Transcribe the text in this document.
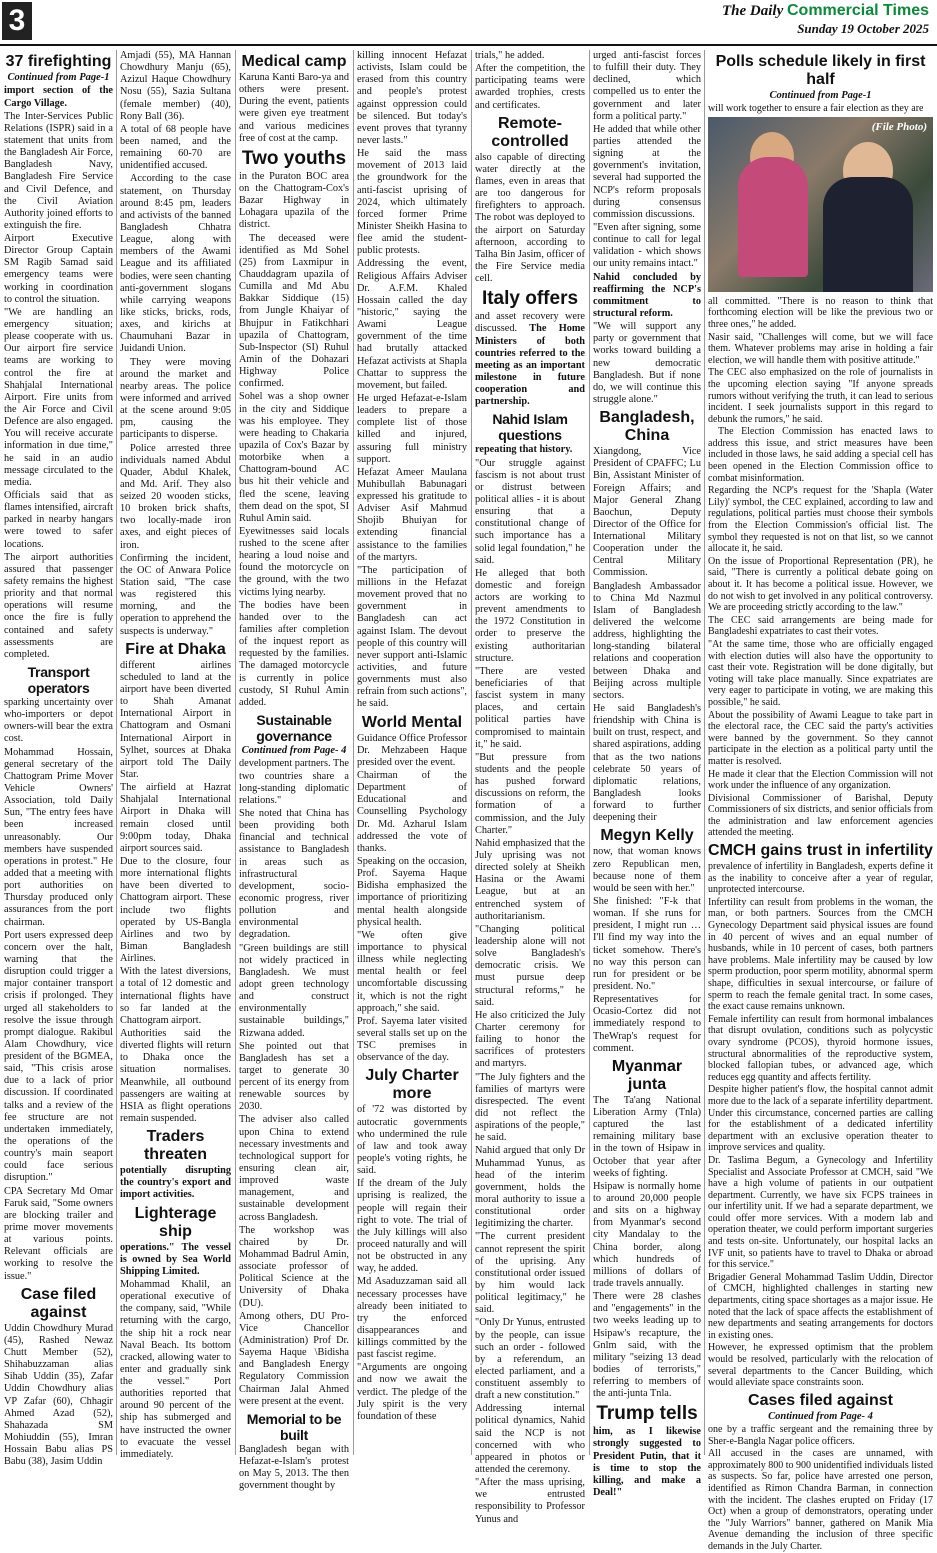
3	The Daily Commercial Times
Sunday 19 October 2025
37 firefighting
Continued from Page-1

import section of the Cargo Village.

The Inter-Services Public Relations (ISPR) said in a statement that units from the Bangladesh Air Force, Bangladesh Navy, Bangladesh Fire Service and Civil Defence, and the Civil Aviation Authority joined efforts to extinguish the fire.

Airport Executive Director Group Captain SM Ragib Samad said emergency teams were working in coordination to control the situation.

"We are handling an emergency situation; please cooperate with us. Our airport fire service teams are working to control the fire at Shahjalal International Airport. Fire units from the Air Force and Civil Defence are also engaged. You will receive accurate information in due time," he said in an audio message circulated to the media.

Officials said that as flames intensified, aircraft parked in nearby hangars were towed to safer locations.

The airport authorities assured that passenger safety remains the highest priority and that normal operations will resume once the fire is fully contained and safety assessments are completed.

Transport operators

sparking uncertainty over who-importers or depot owners-will bear the extra cost.

Mohammad Hossain, general secretary of the Chattogram Prime Mover Vehicle Owners' Association, told Daily Sun, "The entry fees have been increased unreasonably. Our members have suspended operations in protest." He added that a meeting with port authorities on Thursday produced only assurances from the port chairman.

Port users expressed deep concern over the halt, warning that the disruption could trigger a major container transport crisis if prolonged. They urged all stakeholders to resolve the issue through prompt dialogue. Rakibul Alam Chowdhury, vice president of the BGMEA, said, "This crisis arose due to a lack of prior discussion. If coordinated talks and a review of the fee structure are not undertaken immediately, the operations of the country's main seaport could face serious disruption."

CPA Secretary Md Omar Faruk said, "Some owners are blocking trailer and prime mover movements at various points. Relevant officials are working to resolve the issue."

Case filed against

Uddin Chowdhury Murad (45), Rashed Newaz Chutt Member (52), Shihabuzzaman alias Sihab Uddin (35), Zafar Uddin Chowdhury alias VP Zafar (60), Chhagir Ahmed Azad (52), Shahazada SM Mohiuddin (55), Imran Hossain Babu alias PS Babu (38), Jasim Uddin

Amjadi (55), MA Hannan Chowdhury Manju (65), Azizul Haque Chowdhury Nosu (55), Sazia Sultana (female member) (40), Rony Ball (36).

A total of 68 people have been named, and the remaining 60-70 are unidentified accused.

According to the case statement, on Thursday around 8:45 pm, leaders and activists of the banned Bangladesh Chhatra League, along with members of the Awami League and its affiliated bodies, were seen chanting anti-government slogans while carrying weapons like sticks, bricks, rods, axes, and kirichs at Chaumuhani Bazar in Juidandi Union.

They were moving around the market and nearby areas. The police were informed and arrived at the scene around 9:05 pm, causing the participants to disperse.

Police arrested three individuals named Abdul Quader, Abdul Khalek, and Md. Arif. They also seized 20 wooden sticks, 10 broken brick shafts, two locally-made iron axes, and eight pieces of iron.

Confirming the incident, the OC of Anwara Police Station said, "The case was registered this morning, and the operation to apprehend the suspects is underway."

Fire at Dhaka

different airlines scheduled to land at the airport have been diverted to Shah Amanat International Airport in Chattogram and Osmani International Airport in Sylhet, sources at Dhaka airport told The Daily Star.

The airfield at Hazrat Shahjalal International Airport in Dhaka will remain closed until 9:00pm today, Dhaka airport sources said.

Due to the closure, four more international flights have been diverted to Chattogram airport. These include two flights operated by US-Bangla Airlines and two by Biman Bangladesh Airlines.

With the latest diversions, a total of 12 domestic and international flights have so far landed at the Chattogram airport.

Authorities said the diverted flights will return to Dhaka once the situation normalises. Meanwhile, all outbound passengers are waiting at HSIA as flight operations remain suspended.

Traders threaten

potentially disrupting the country's export and import activities.

Lighterage ship

operations." The vessel is owned by Sea World Shipping Limited.

Mohammad Khalil, an operational executive of the company, said, "While returning with the cargo, the ship hit a rock near Naval Beach. Its bottom cracked, allowing water to enter and gradually sink the vessel." Port authorities reported that around 90 percent of the ship has submerged and have instructed the owner to evacuate the vessel immediately.

Medical camp

Karuna Kanti Baro-ya and others were present. During the event, patients were given eye treatment and various medicines free of cost at the camp.

Two youths

in the Puraton BOC area on the Chattogram-Cox's Bazar Highway in Lohagara upazila of the district.

The deceased were identified as Md Sohel (25) from Laxmipur in Chauddagram upazila of Cumilla and Md Abu Bakkar Siddique (15) from Jungle Khaiyar of Bhujpur in Fatikchhari upazila of Chattogram, Sub-Inspector (SI) Ruhul Amin of the Dohazari Highway Police confirmed.

Sohel was a shop owner in the city and Siddique was his employee. They were heading to Chakaria upazila of Cox's Bazar by motorbike when a Chattogram-bound AC bus hit their vehicle and fled the scene, leaving them dead on the spot, SI Ruhul Amin said.

Eyewitnesses said locals rushed to the scene after hearing a loud noise and found the motorcycle on the ground, with the two victims lying nearby.

The bodies have been handed over to the families after completion of the inquest report as requested by the families. The damaged motorcycle is currently in police custody, SI Ruhul Amin added.

Sustainable governance
Continued from Page- 4

development partners. The two countries share a long-standing diplomatic relations."

She noted that China has been providing both financial and technical assistance to Bangladesh in areas such as infrastructural development, socio-economic progress, river pollution and environmental degradation.

"Green buildings are still not widely practiced in Bangladesh. We must adopt green technology and construct environmentally sustainable buildings," Rizwana added.

She pointed out that Bangladesh has set a target to generate 30 percent of its energy from renewable sources by 2030.

The adviser also called upon China to extend necessary investments and technological support for ensuring clean air, improved waste management, and sustainable development across Bangladesh.

The workshop was chaired by Dr. Mohammad Badrul Amin, associate professor of Political Science at the University of Dhaka (DU).

Among others, DU Pro-Vice Chancellor (Administration) Prof Dr. Sayema Haque \Bidisha and Bangladesh Energy Regulatory Commission Chairman Jalal Ahmed were present at the event.

Memorial to be built

Bangladesh began with Hefazat-e-Islam's protest on May 5, 2013. The then government thought by

killing innocent Hefazat activists, Islam could be erased from this country and people's protest against oppression could be silenced. But today's event proves that tyranny never lasts."

He said the mass movement of 2013 laid the groundwork for the anti-fascist uprising of 2024, which ultimately forced former Prime Minister Sheikh Hasina to flee amid the student-public protests.

Addressing the event, Religious Affairs Adviser Dr. A.F.M. Khaled Hossain called the day "historic," saying the Awami League government of the time had brutally attacked Hefazat activists at Shapla Chattar to suppress the movement, but failed.

He urged Hefazat-e-Islam leaders to prepare a complete list of those killed and injured, assuring full ministry support.

Hefazat Ameer Maulana Muhibullah Babunagari expressed his gratitude to Adviser Asif Mahmud Shojib Bhuiyan for extending financial assistance to the families of the martyrs.

"The participation of millions in the Hefazat movement proved that no government in Bangladesh can act against Islam. The devout people of this country will never support anti-Islamic activities, and future governments must also refrain from such actions", he said.

World Mental

Guidance Office Professor Dr. Mehzabeen Haque presided over the event.

Chairman of the Department of Educational and Counselling Psychology Dr. Md. Azharul Islam addressed the vote of thanks.

Speaking on the occasion, Prof. Sayema Haque Bidisha emphasized the importance of prioritizing mental health alongside physical health.

"We often give importance to physical illness while neglecting mental health or feel uncomfortable discussing it, which is not the right approach," she said.

Prof. Sayema later visited several stalls set up on the TSC premises in observance of the day.

July Charter more

of '72 was distorted by autocratic governments who undermined the rule of law and took away people's voting rights, he said.

If the dream of the July uprising is realized, the people will regain their right to vote. The trial of the July killings will also proceed naturally and will not be obstructed in any way, he added.

Md Asaduzzaman said all necessary processes have already been initiated to try the enforced disappearances and killings committed by the past fascist regime.

"Arguments are ongoing and now we await the verdict. The pledge of the July spirit is the very foundation of these

trials," he added.

After the competition, the participating teams were awarded trophies, crests and certificates.

Remote-controlled

also capable of directing water directly at the flames, even in areas that are too dangerous for firefighters to approach. The robot was deployed to the airport on Saturday afternoon, according to Talha Bin Jasim, officer of the Fire Service media cell.

Italy offers

and asset recovery were discussed. The Home Ministers of both countries referred to the meeting as an important milestone in future cooperation and partnership.

Nahid Islam questions

repeating that history.

"Our struggle against fascism is not about trust or distrust between political allies - it is about ensuring that a constitutional change of such importance has a solid legal foundation," he said.

He alleged that both domestic and foreign actors are working to prevent amendments to the 1972 Constitution in order to preserve the existing authoritarian structure.

"There are vested beneficiaries of that fascist system in many places, and certain political parties have compromised to maintain it," he said.

"But pressure from students and the people has pushed forward discussions on reform, the formation of a commission, and the July Charter."

Nahid emphasized that the July uprising was not directed solely at Sheikh Hasina or the Awami League, but at an entrenched system of authoritarianism.

"Changing political leadership alone will not solve Bangladesh's democratic crisis. We must pursue deep structural reforms," he said.

He also criticized the July Charter ceremony for failing to honor the sacrifices of protesters and martyrs.

"The July fighters and the families of martyrs were disrespected. The event did not reflect the aspirations of the people," he said.

Nahid argued that only Dr Muhammad Yunus, as head of the interim government, holds the moral authority to issue a constitutional order legitimizing the charter.

"The current president cannot represent the spirit of the uprising. Any constitutional order issued by him would lack political legitimacy," he said.

"Only Dr Yunus, entrusted by the people, can issue such an order - followed by a referendum, an elected parliament, and a constituent assembly to draft a new constitution."

Addressing internal political dynamics, Nahid said the NCP is not concerned with who appeared in photos or attended the ceremony.

"After the mass uprising, we entrusted responsibility to Professor Yunus and

urged anti-fascist forces to fulfill their duty. They declined, which compelled us to enter the government and later form a political party."

He added that while other parties attended the signing at the government's invitation, several had supported the NCP's reform proposals during consensus commission discussions.

"Even after signing, some continue to call for legal validation - which shows our unity remains intact."

Nahid concluded by reaffirming the NCP's commitment to structural reform.

"We will support any party or government that works toward building a new democratic Bangladesh. But if none do, we will continue this struggle alone."

Bangladesh, China

Xiangdong, Vice President of CPAFFC; Lu Bin, Assistant Minister of Foreign Affairs; and Major General Zhang Baochun, Deputy Director of the Office for International Military Cooperation under the Central Military Commission.

Bangladesh Ambassador to China Md Nazmul Islam of Bangladesh delivered the welcome address, highlighting the long-standing bilateral relations and cooperation between Dhaka and Beijing across multiple sectors.

He said Bangladesh's friendship with China is built on trust, respect, and shared aspirations, adding that as the two nations celebrate 50 years of diplomatic relations, Bangladesh looks forward to further deepening their

Megyn Kelly

now, that woman knows zero Republican men, because none of them would be seen with her."

She finished: "F-k that woman. If she runs for president, I might run … I'll find my way into the ticket somehow. There's no way this person can run for president or be president. No."

Representatives for Ocasio-Cortez did not immediately respond to TheWrap's request for comment.

Myanmar junta

The Ta'ang National Liberation Army (Tnla) captured the last remaining military base in the town of Hsipaw in October that year after weeks of fighting.

Hsipaw is normally home to around 20,000 people and sits on a highway from Myanmar's second city Mandalay to the China border, along which hundreds of millions of dollars of trade travels annually.

There were 28 clashes and "engagements" in the two weeks leading up to Hsipaw's recapture, the Gnlm said, with the military "seizing 13 dead bodies of terrorists," referring to members of the anti-junta Tnla.

Trump tells

him, as I likewise strongly suggested to President Putin, that it is time to stop the killing, and make a Deal!"

Polls schedule likely in first half
Continued from Page-1

will work together to ensure a fair election as they are

(File Photo)

all committed. "There is no reason to think that forthcoming election will be like the previous two or three ones," he added.

Nasir said, "Challenges will come, but we will face them. Whatever problems may arise in holding a fair election, we will handle them with positive attitude."

The CEC also emphasized on the role of journalists in the upcoming election saying "If anyone spreads rumors without verifying the truth, it can lead to serious incident. I seek journalists support in this regard to debunk the rumors," he said.

The Election Commission has enacted laws to address this issue, and strict measures have been included in those laws, he said adding a special cell has been opened in the Election Commission office to combat misinformation.

Regarding the NCP's request for the 'Shapla (Water Lily)' symbol, the CEC explained, according to law and regulations, political parties must choose their symbols from the Election Commission's official list. The symbol they requested is not on that list, so we cannot allocate it, he said.

On the issue of Proportional Representation (PR), he said, "There is currently a political debate going on about it. It has become a political issue. However, we do not wish to get involved in any political controversy. We are proceeding strictly according to the law."

The CEC said arrangements are being made for Bangladeshi expatriates to cast their votes.

"At the same time, those who are officially engaged with election duties will also have the opportunity to cast their vote. Registration will be done digitally, but voting will take place manually. Since expatriates are very eager to participate in voting, we are making this possible," he said.

About the possibility of Awami League to take part in the electoral race, the CEC said the party's activities were banned by the government. So they cannot participate in the election as a political party until the matter is resolved.

He made it clear that the Election Commission will not work under the influence of any organization.

Divisional Commissioner of Barishal, Deputy Commissioners of six districts, and senior officials from the administration and law enforcement agencies attended the meeting.

CMCH gains trust in infertility

prevalence of infertility in Bangladesh, experts define it as the inability to conceive after a year of regular, unprotected intercourse.

Infertility can result from problems in the woman, the man, or both partners. Sources from the CMCH Gynecology Department said physical issues are found in 40 percent of wives and an equal number of husbands, while in 10 percent of cases, both partners have problems. Male infertility may be caused by low sperm production, poor sperm motility, abnormal sperm shape, difficulties in sexual intercourse, or failure of sperm to reach the female genital tract. In some cases, the exact cause remains unknown.

Female infertility can result from hormonal imbalances that disrupt ovulation, conditions such as polycystic ovary syndrome (PCOS), thyroid hormone issues, structural abnormalities of the reproductive system, blocked fallopian tubes, or advanced age, which reduces egg quantity and affects fertility.

Despite higher patient's flow, the hospital cannot admit more due to the lack of a separate infertility department. Under this circumstance, concerned parties are calling for the establishment of a dedicated infertility department with an exclusive operation theater to improve services and quality.

Dr. Taslima Begum, a Gynecology and Infertility Specialist and Associate Professor at CMCH, said "We have a high volume of patients in our outpatient department. Currently, we have six FCPS trainees in our infertility unit. If we had a separate department, we could offer more services. With a modern lab and operation theater, we could perform important surgeries and tests on-site. Unfortunately, our hospital lacks an IVF unit, so patients have to travel to Dhaka or abroad for this service."

Brigadier General Mohammad Taslim Uddin, Director of CMCH, highlighted challenges in starting new departments, citing space shortages as a major issue. He noted that the lack of space affects the establishment of new departments and seating arrangements for doctors in existing ones.

However, he expressed optimism that the problem would be resolved, particularly with the relocation of several departments to the Cancer Building, which would alleviate space constraints soon.

Cases filed against
Continued from Page- 4

one by a traffic sergeant and the remaining three by Sher-e-Bangla Nagar police officers.

All accused in the cases are unnamed, with approximately 800 to 900 unidentified individuals listed as suspects. So far, police have arrested one person, identified as Rimon Chandra Barman, in connection with the incident. The clashes erupted on Friday (17 Oct) when a group of demonstrators, operating under the "July Warriors" banner, gathered on Manik Mia Avenue demanding the inclusion of three specific demands in the July Charter.
